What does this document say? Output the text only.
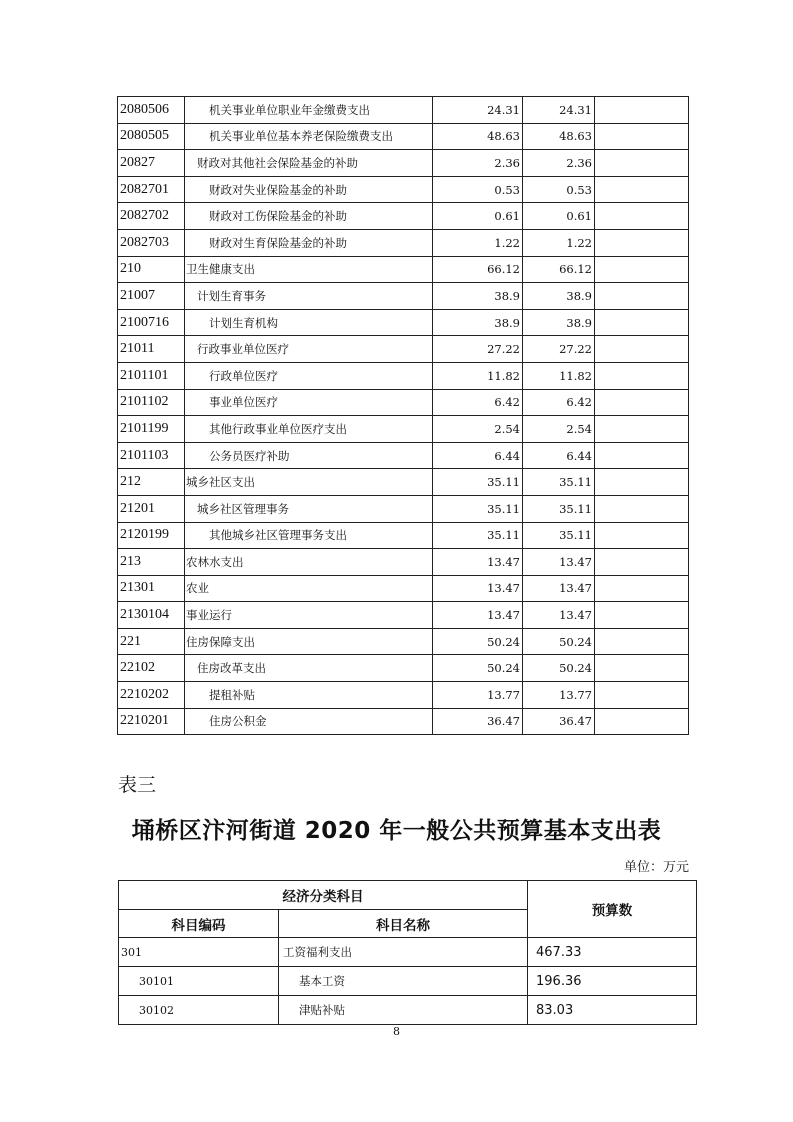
2080506	机关事业单位职业年金缴费支出	24.31	24.31	
2080505	机关事业单位基本养老保险缴费支出	48.63	48.63	
20827	财政对其他社会保险基金的补助	2.36	2.36	
2082701	财政对失业保险基金的补助	0.53	0.53	
2082702	财政对工伤保险基金的补助	0.61	0.61	
2082703	财政对生育保险基金的补助	1.22	1.22	
210	卫生健康支出	66.12	66.12	
21007	计划生育事务	38.9	38.9	
2100716	计划生育机构	38.9	38.9	
21011	行政事业单位医疗	27.22	27.22	
2101101	行政单位医疗	11.82	11.82	
2101102	事业单位医疗	6.42	6.42	
2101199	其他行政事业单位医疗支出	2.54	2.54	
2101103	公务员医疗补助	6.44	6.44	
212	城乡社区支出	35.11	35.11	
21201	城乡社区管理事务	35.11	35.11	
2120199	其他城乡社区管理事务支出	35.11	35.11	
213	农林水支出	13.47	13.47	
21301	农业	13.47	13.47	
2130104	事业运行	13.47	13.47	
221	住房保障支出	50.24	50.24	
22102	住房改革支出	50.24	50.24	
2210202	提租补贴	13.77	13.77	
2210201	住房公积金	36.47	36.47	
表三
埇桥区汴河街道 2020 年一般公共预算基本支出表
单位：万元
经济分类科目		预算数
科目编码	科目名称	
301	工资福利支出	467.33
30101	基本工资	196.36
30102	津贴补贴	83.03
8
